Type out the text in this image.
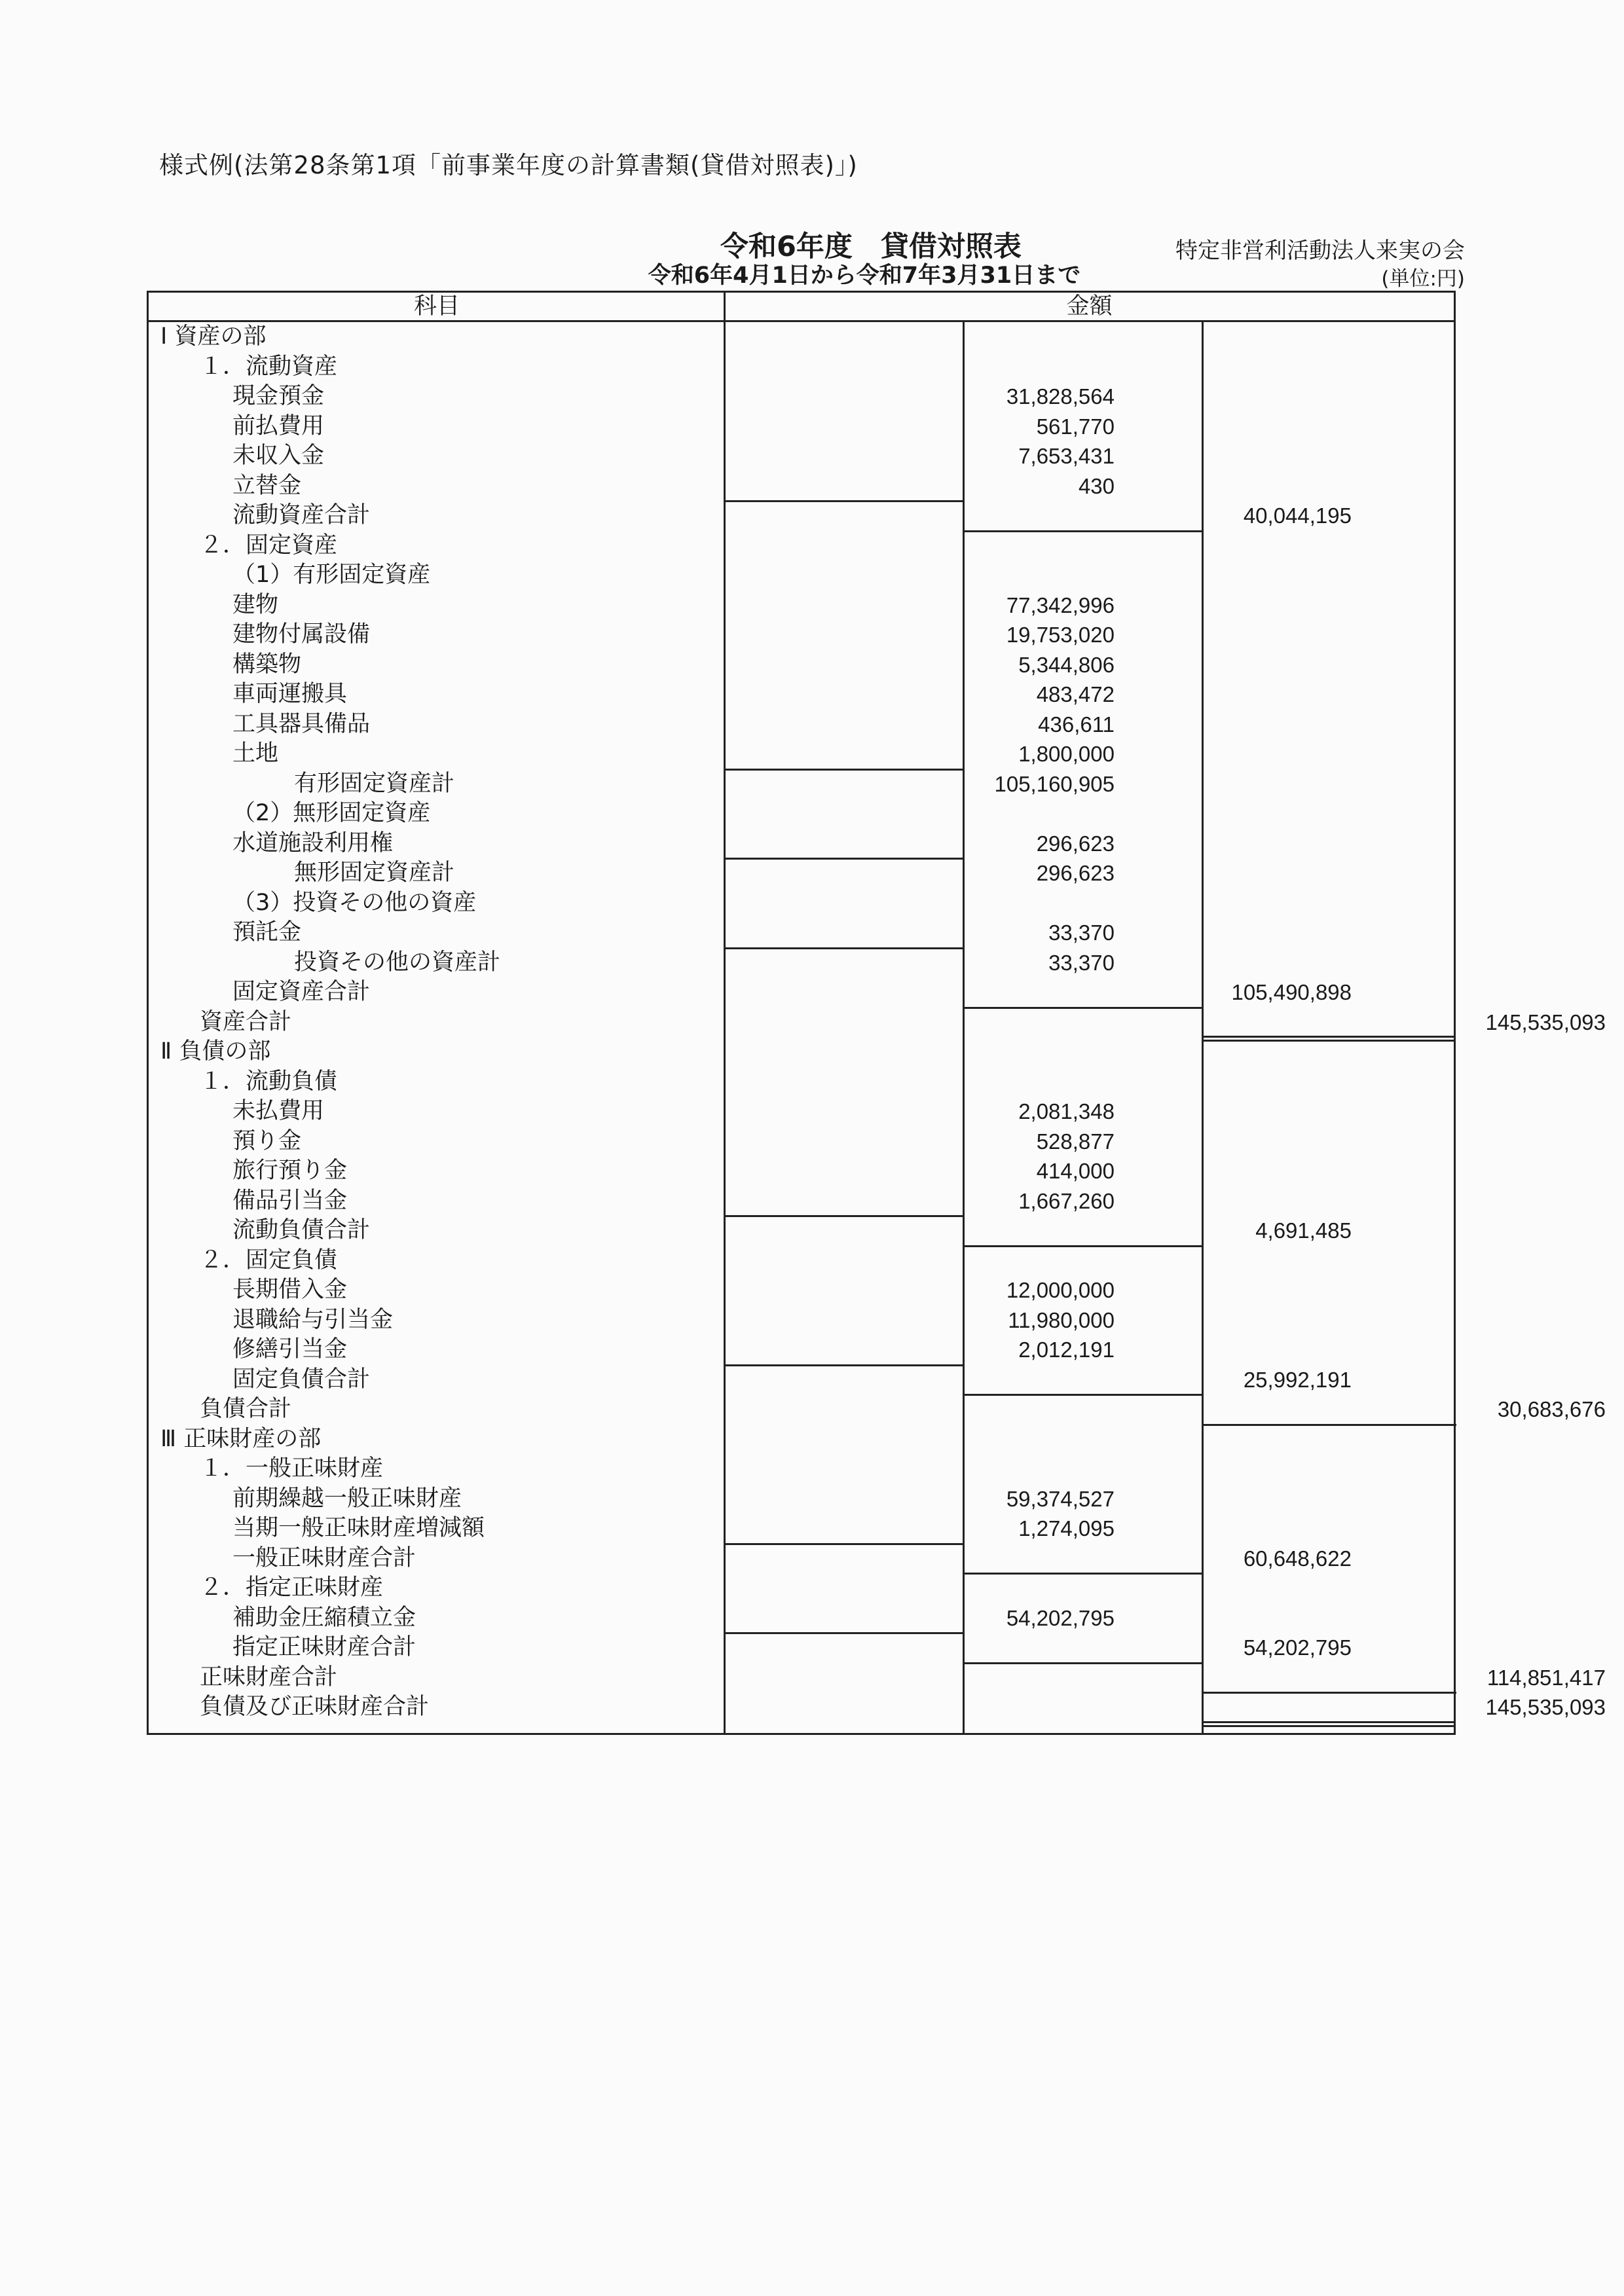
様式例(法第28条第1項「前事業年度の計算書類(貸借対照表)」)
令和6年度　貸借対照表
令和6年4月1日から令和7年3月31日まで
特定非営利活動法人来実の会
(単位:円)
科目	金額
Ⅰ 資産の部
１．流動資産
現金預金	31,828,564
前払費用	561,770
未収入金	7,653,431
立替金	430
流動資産合計	40,044,195
２．固定資産
（1）有形固定資産
建物	77,342,996
建物付属設備	19,753,020
構築物	5,344,806
車両運搬具	483,472
工具器具備品	436,611
土地	1,800,000
有形固定資産計	105,160,905
（2）無形固定資産
水道施設利用権	296,623
無形固定資産計	296,623
（3）投資その他の資産
預託金	33,370
投資その他の資産計	33,370
固定資産合計	105,490,898
資産合計	145,535,093
Ⅱ 負債の部
１．流動負債
未払費用	2,081,348
預り金	528,877
旅行預り金	414,000
備品引当金	1,667,260
流動負債合計	4,691,485
２．固定負債
長期借入金	12,000,000
退職給与引当金	11,980,000
修繕引当金	2,012,191
固定負債合計	25,992,191
負債合計	30,683,676
Ⅲ 正味財産の部
１．一般正味財産
前期繰越一般正味財産	59,374,527
当期一般正味財産増減額	1,274,095
一般正味財産合計	60,648,622
２．指定正味財産
補助金圧縮積立金	54,202,795
指定正味財産合計	54,202,795
正味財産合計	114,851,417
負債及び正味財産合計	145,535,093
